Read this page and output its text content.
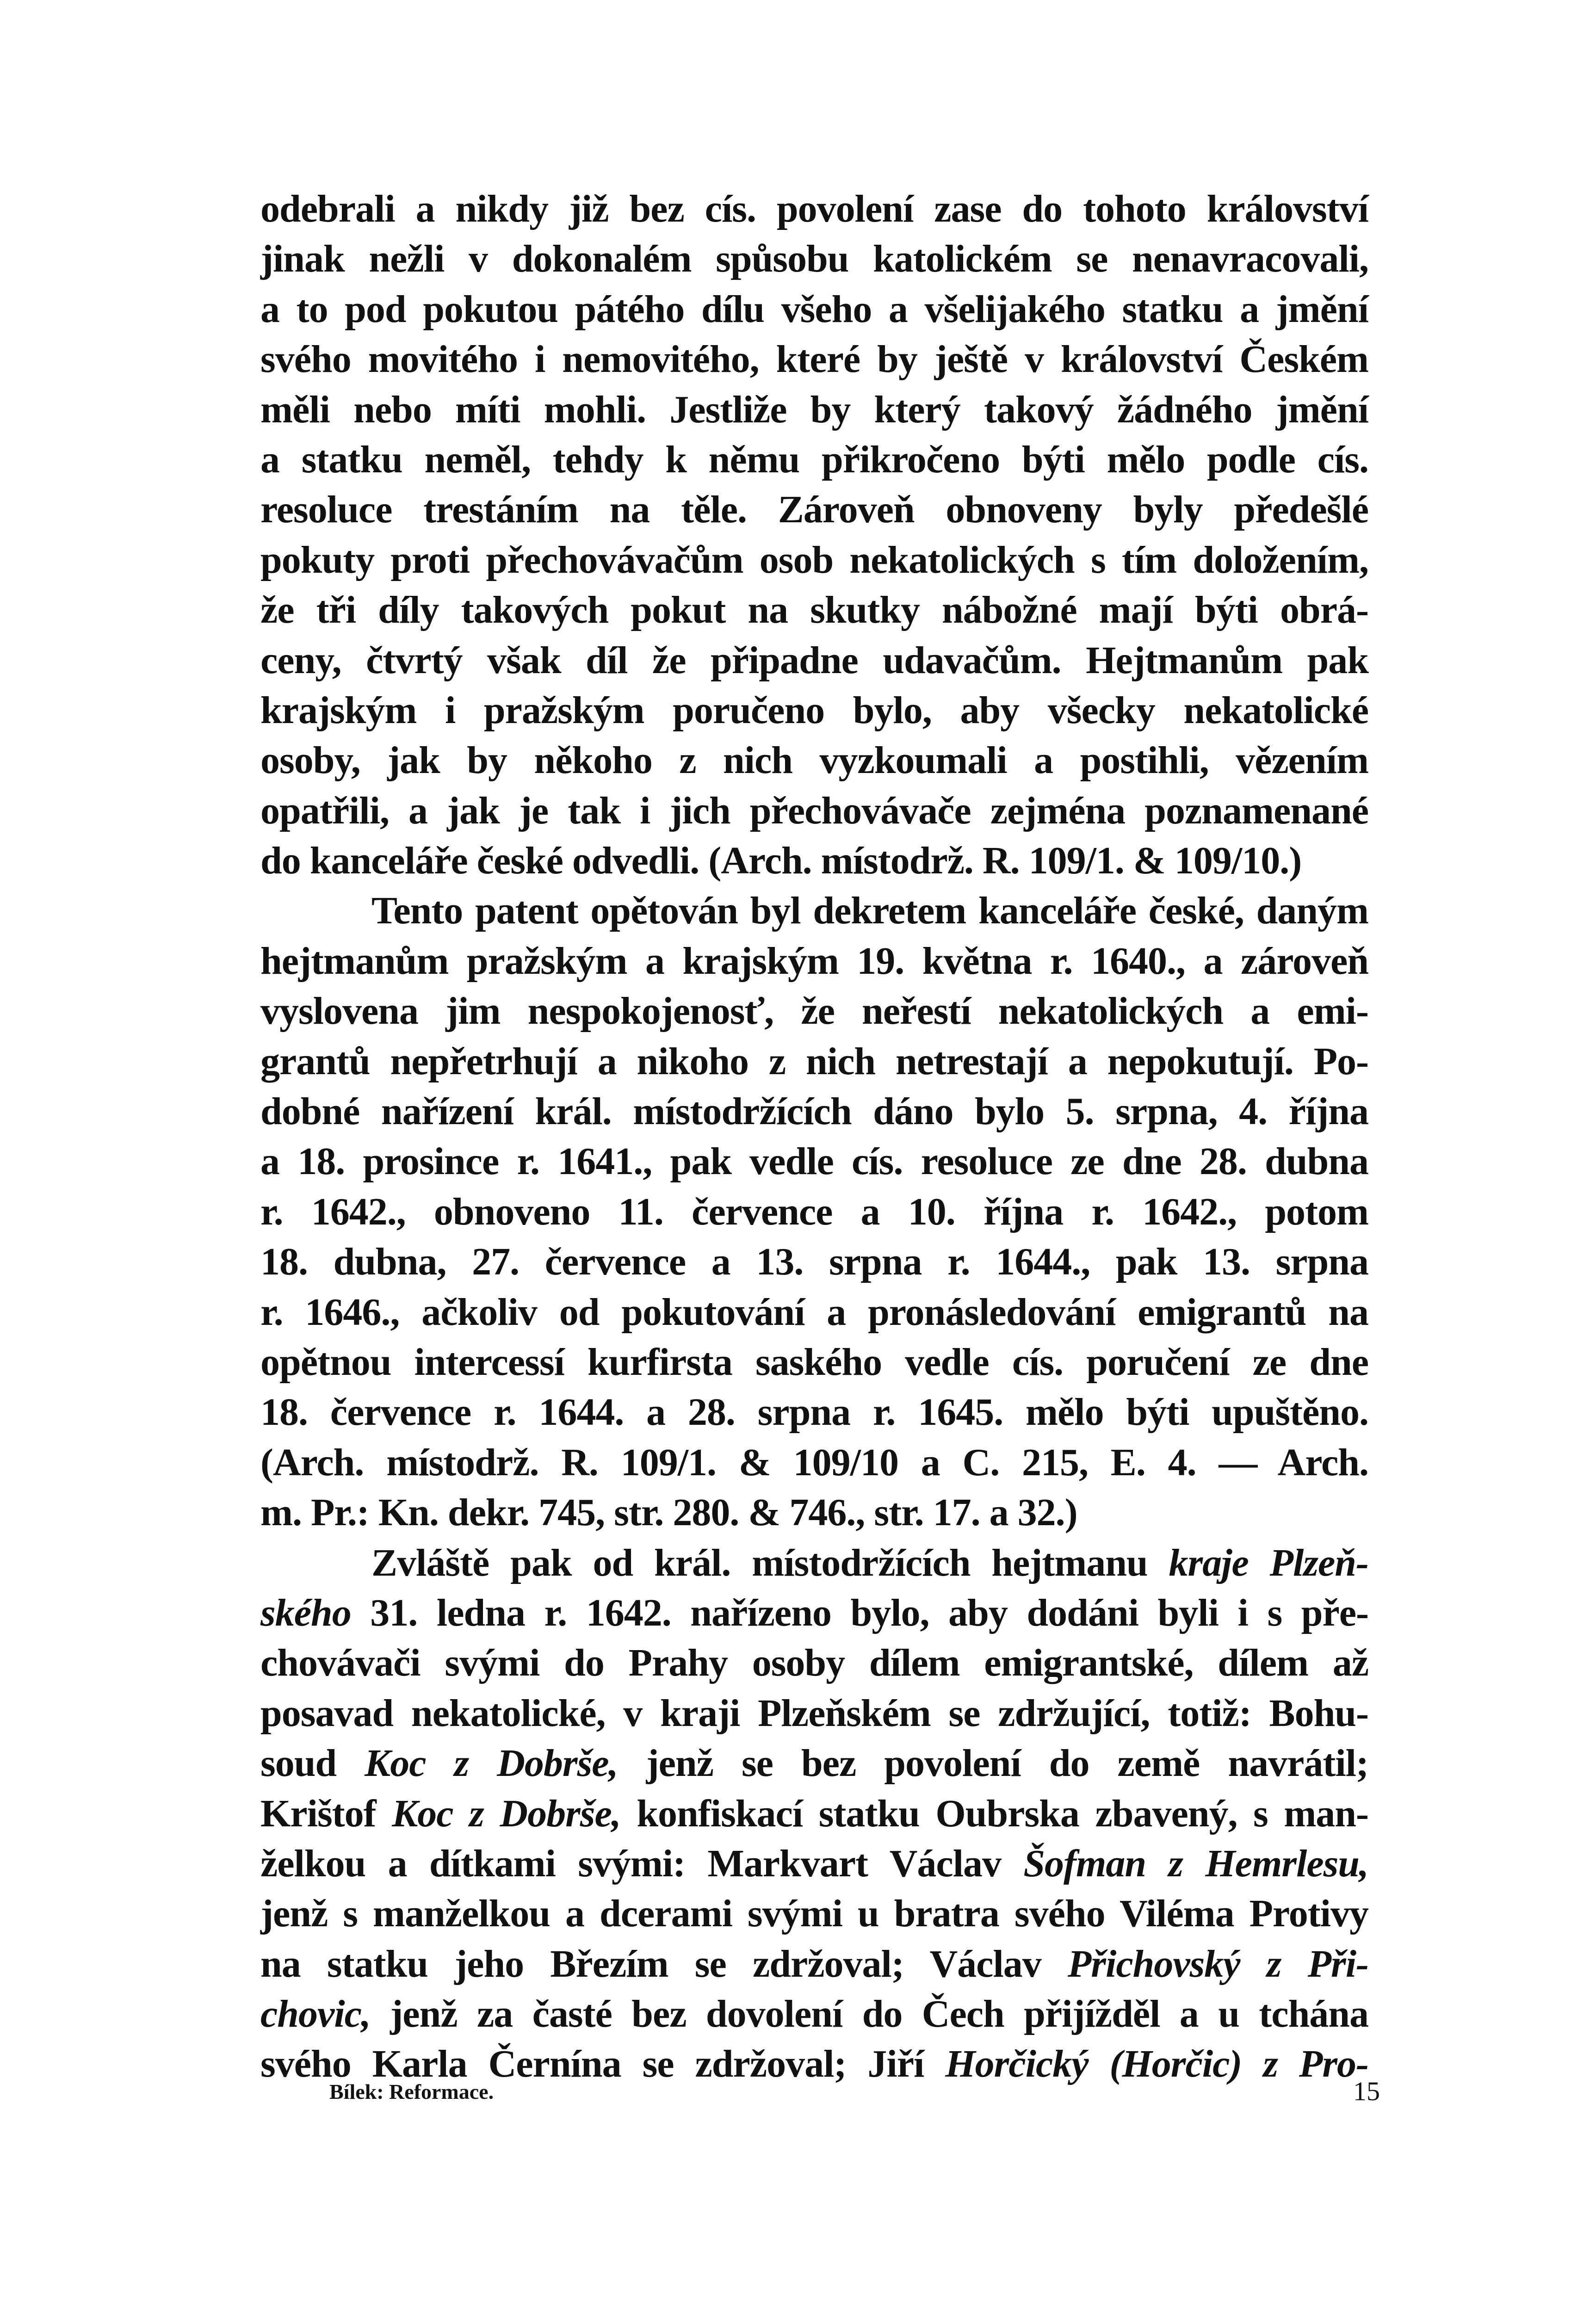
odebrali a nikdy již bez cís. povolení zase do tohoto království
jinak nežli v dokonalém spůsobu katolickém se nenavracovali,
a to pod pokutou pátého dílu všeho a všelijakého statku a jmění
svého movitého i nemovitého, které by ještě v království Českém
měli nebo míti mohli. Jestliže by který takový žádného jmění
a statku neměl, tehdy k němu přikročeno býti mělo podle cís.
resoluce trestáním na těle. Zároveň obnoveny byly předešlé
pokuty proti přechovávačům osob nekatolických s tím doložením,
že tři díly takových pokut na skutky nábožné mají býti obrá-
ceny, čtvrtý však díl že připadne udavačům. Hejtmanům pak
krajským i pražským poručeno bylo, aby všecky nekatolické
osoby, jak by někoho z nich vyzkoumali a postihli, vězením
opatřili, a jak je tak i jich přechovávače zejména poznamenané
do kanceláře české odvedli. (Arch. místodrž. R. 109/1. & 109/10.)
Tento patent opětován byl dekretem kanceláře české, daným
hejtmanům pražským a krajským 19. května r. 1640., a zároveň
vyslovena jim nespokojenosť, že neřestí nekatolických a emi-
grantů nepřetrhují a nikoho z nich netrestají a nepokutují. Po-
dobné nařízení král. místodržících dáno bylo 5. srpna, 4. října
a 18. prosince r. 1641., pak vedle cís. resoluce ze dne 28. dubna
r. 1642., obnoveno 11. července a 10. října r. 1642., potom
18. dubna, 27. července a 13. srpna r. 1644., pak 13. srpna
r. 1646., ačkoliv od pokutování a pronásledování emigrantů na
opětnou intercessí kurfirsta saského vedle cís. poručení ze dne
18. července r. 1644. a 28. srpna r. 1645. mělo býti upuštěno.
(Arch. místodrž. R. 109/1. & 109/10 a C. 215, E. 4. — Arch.
m. Pr.: Kn. dekr. 745, str. 280. & 746., str. 17. a 32.)
Zvláště pak od král. místodržících hejtmanu kraje Plzeň-
ského 31. ledna r. 1642. nařízeno bylo, aby dodáni byli i s pře-
chovávači svými do Prahy osoby dílem emigrantské, dílem až
posavad nekatolické, v kraji Plzeňském se zdržující, totiž: Bohu-
soud Koc z Dobrše, jenž se bez povolení do země navrátil;
Krištof Koc z Dobrše, konfiskací statku Oubrska zbavený, s man-
želkou a dítkami svými: Markvart Václav Šofman z Hemrlesu,
jenž s manželkou a dcerami svými u bratra svého Viléma Protivy
na statku jeho Březím se zdržoval; Václav Přichovský z Při-
chovic, jenž za časté bez dovolení do Čech přijížděl a u tchána
svého Karla Černína se zdržoval; Jiří Horčický (Horčic) z Pro-
Bílek: Reformace.	15
